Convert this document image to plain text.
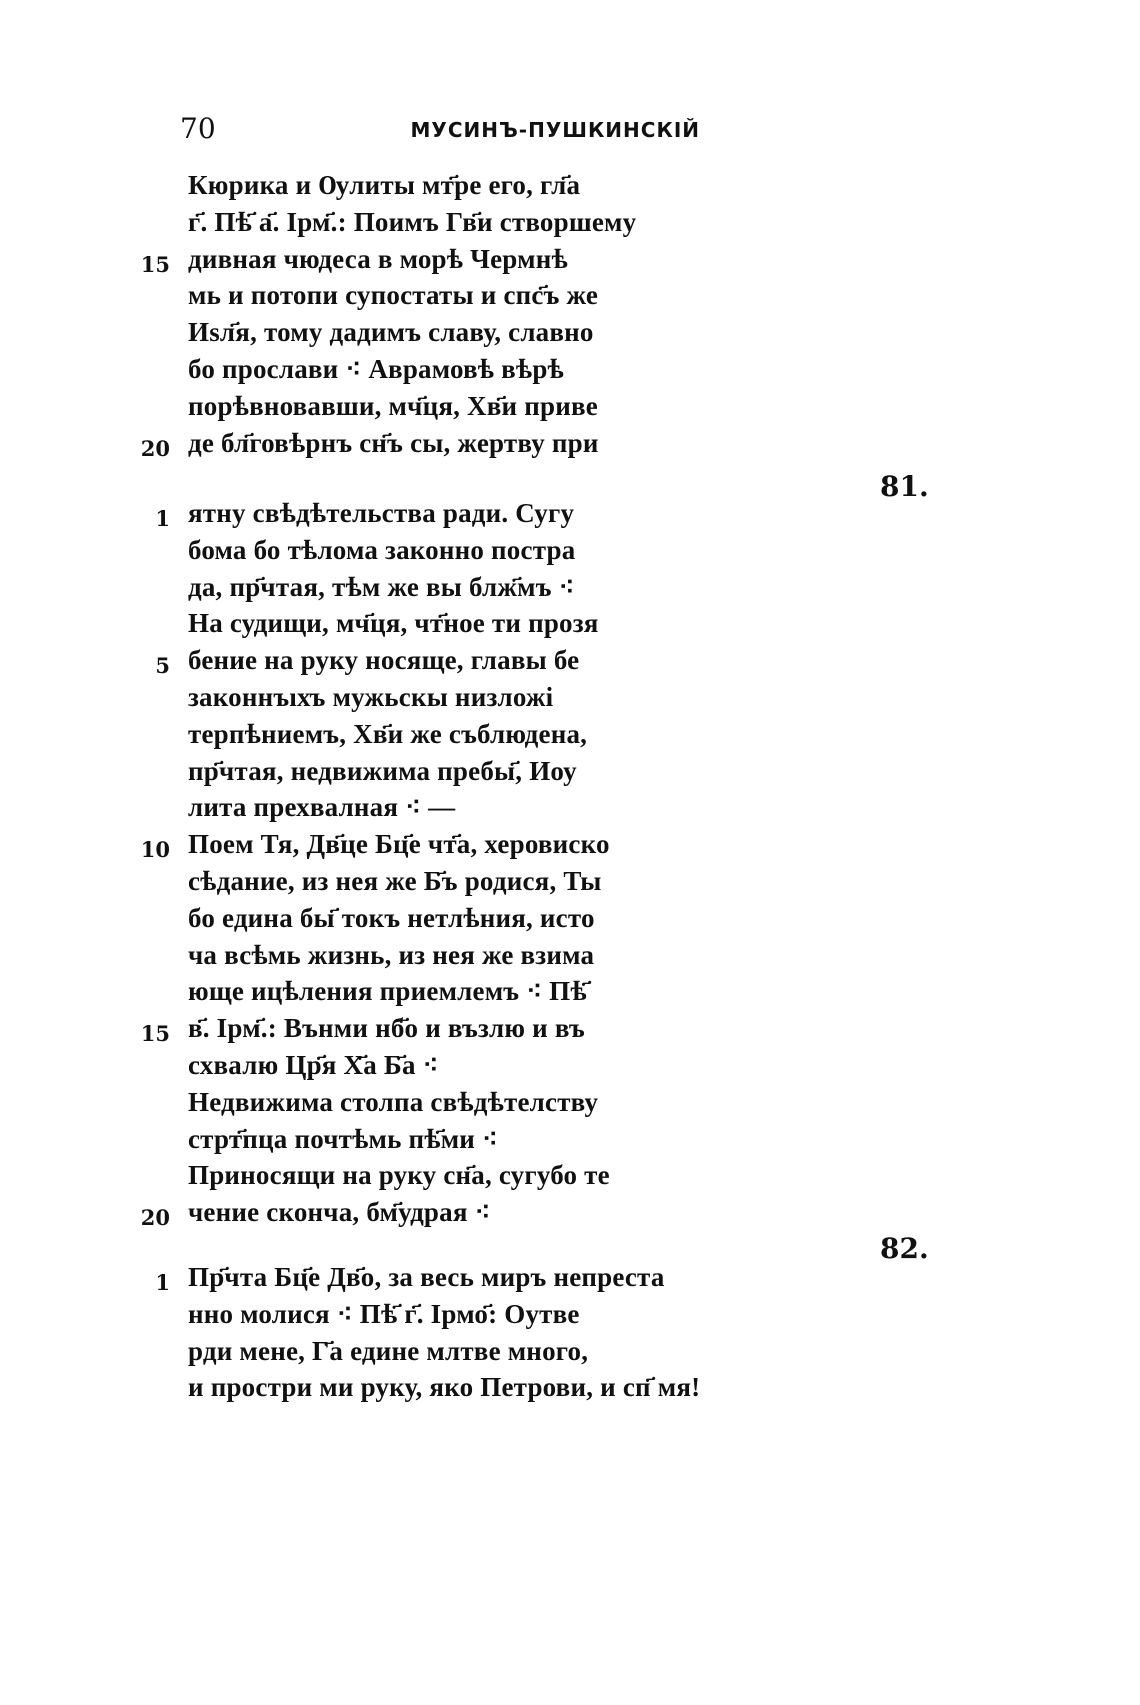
70	МУСИНЪ-ПУШКИНСКІЙ
Кюрика и Ѹлиты мт҃ре его, гл҃а
г҃. Пѣ҃ а҃. Ірм҃.: Поимъ Гв҃и створшему
15 дивная чюдеса в морѣ Чермнѣ
мь и потопи супостаты и спс҃ъ же
Иѕл҃я, тому дадимъ славу, славно
бо прослави ⁖ Аврамовѣ вѣрѣ
порѣвновавши, мч҃ця, Хв҃и приве
20 де бл҃говѣрнъ сн҃ъ сы, жертву при
81.
1 ятну свѣдѣтельства ради. Сугу
бома бо тѣлома законно постра
да, пр҃чтая, тѣм же вы блж҃мъ ⁖
На судищи, мч҃ця, чт҃ное ти прозя
5 бение на руку носяще, главы бе
законнъıхъ мужьскы низложі
терпѣниемъ, Хв҃и же съблюдена,
пр҃чтая, недвижима пребы҃, Иоу
лита прехвалная ⁖ —
10 Поем Тя, Дв҃це Бц҃е чт҃а, херовиско
сѣдание, из нея же Б҃ъ родися, Ты
бо едина бы҃ токъ нетлѣния, исто
ча всѣмь жизнь, из нея же взима
юще ицѣления приемлемъ ⁖ Пѣ҃
15 в҃. Ірм҃.: Вънми нб҃о и възлю и въ
схвалю Цр҃я Х҃а Б҃а ⁖
Недвижима столпа свѣдѣтелству
стрт҃пца почтѣмь пѣ҃ми ⁖
Приносящи на руку сн҃а, сугубо те
20 чение скончa, бм҃удрая ⁖
82.
1 Пр҃чта Бц҃е Дв҃о, за весь миръ непреста
нно молися ⁖ Пѣ҃ г҃. Ірмо҃: Оутве
рди мене, Г҃а едине млтве много,
и простри ми руку, яко Петрови, и сп҃ мя!
